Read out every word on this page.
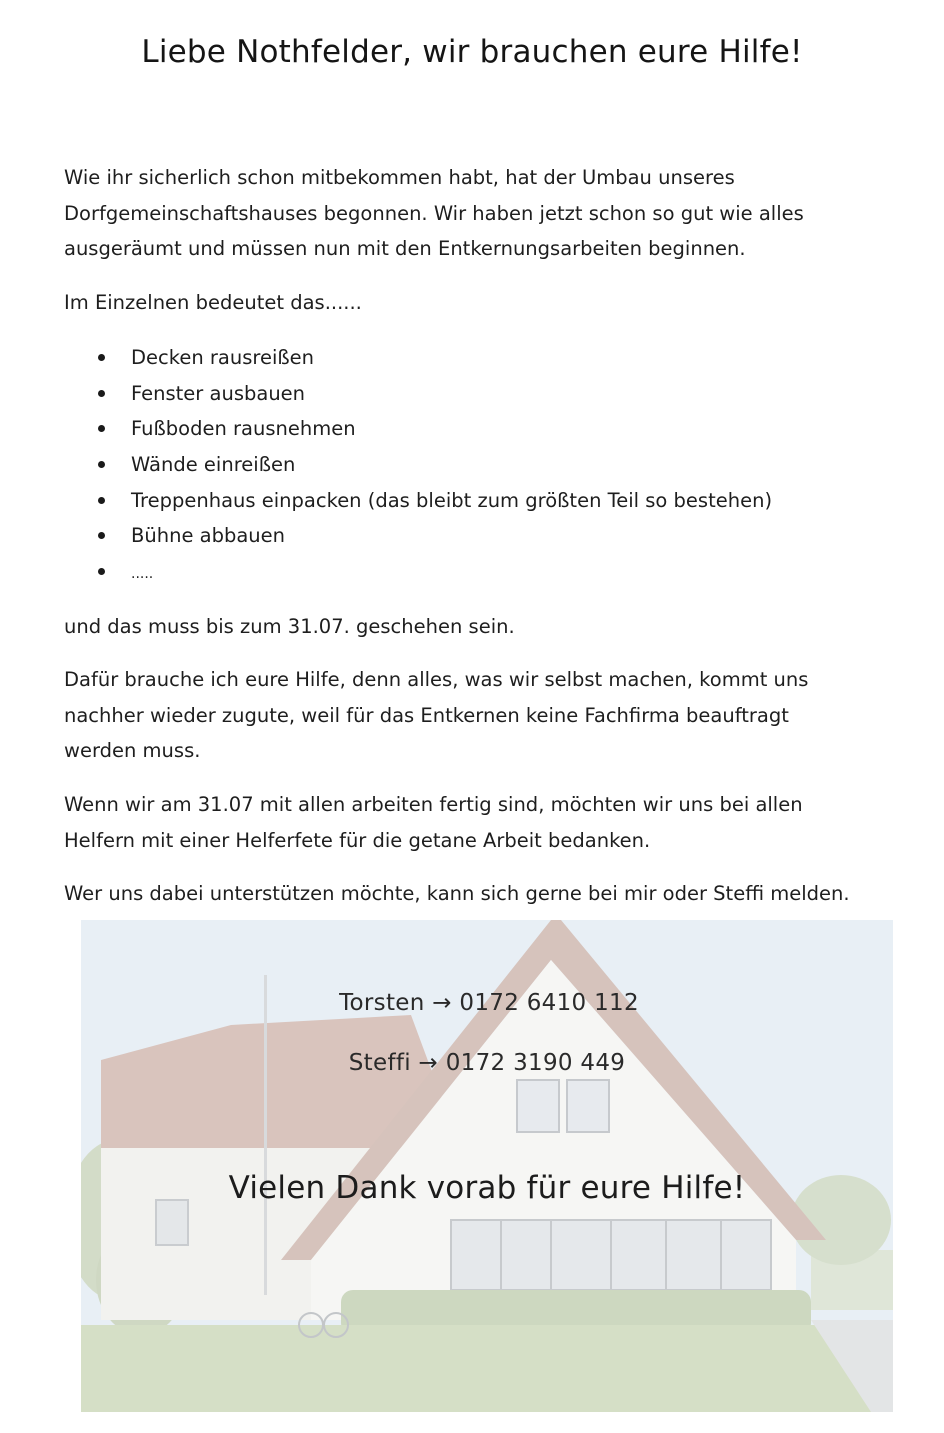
Liebe Nothfelder, wir brauchen eure Hilfe!
Wie ihr sicherlich schon mitbekommen habt, hat der Umbau unseres Dorfgemeinschaftshauses begonnen. Wir haben jetzt schon so gut wie alles ausgeräumt und müssen nun mit den Entkernungsarbeiten beginnen.
Im Einzelnen bedeutet das......
Decken rausreißen
Fenster ausbauen
Fußboden rausnehmen
Wände einreißen
Treppenhaus einpacken (das bleibt zum größten Teil so bestehen)
Bühne abbauen
.....
und das muss bis zum 31.07. geschehen sein.
Dafür brauche ich eure Hilfe, denn alles, was wir selbst machen, kommt uns nachher wieder zugute, weil für das Entkernen keine Fachfirma beauftragt werden muss.
Wenn wir am 31.07 mit allen arbeiten fertig sind, möchten wir uns bei allen Helfern mit einer Helferfete für die getane Arbeit bedanken.
Wer uns dabei unterstützen möchte, kann sich gerne bei mir oder Steffi melden.
Torsten → 0172 6410 112
Steffi → 0172 3190 449
Vielen Dank vorab für eure Hilfe!
